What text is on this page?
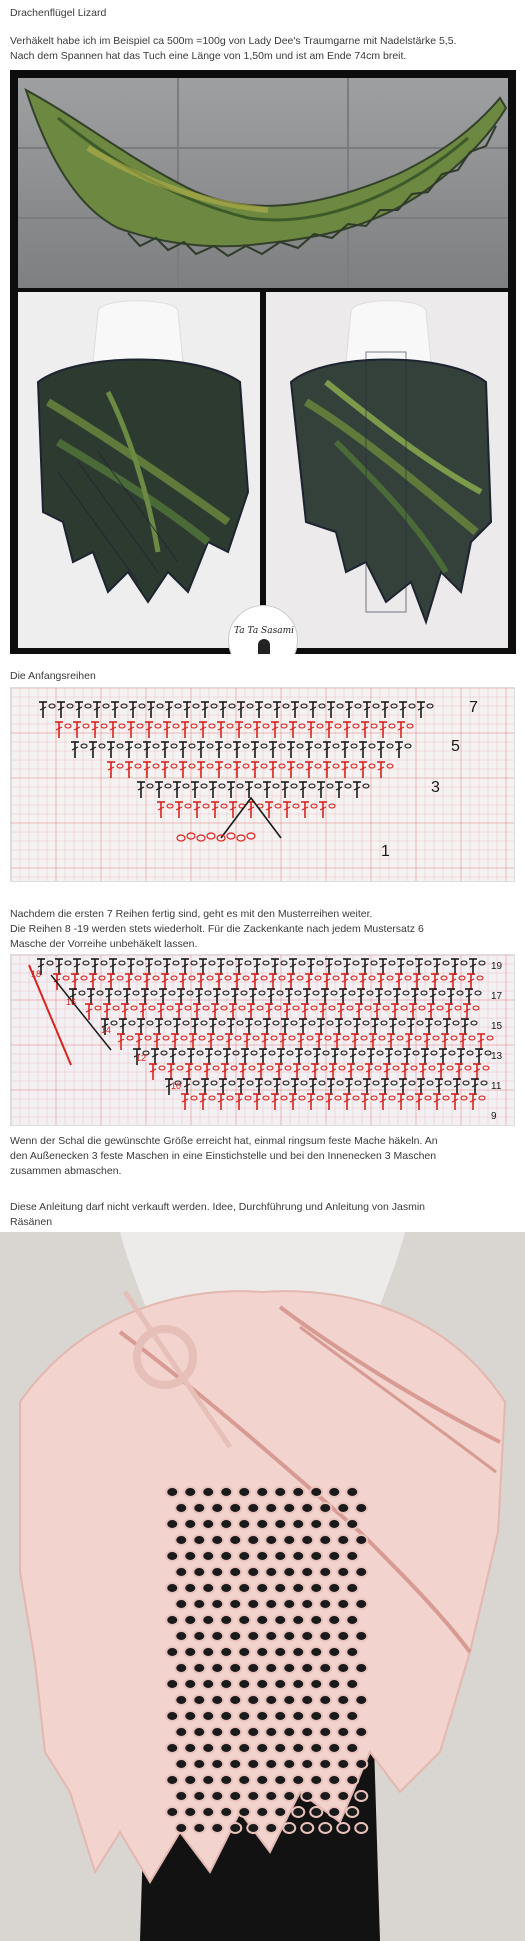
Drachenflügel Lizard
Verhäkelt habe ich im Beispiel ca 500m =100g von Lady Dee's Traumgarne mit Nadelstärke 5,5.
Nach dem Spannen hat das Tuch eine Länge von 1,50m und ist am Ende 74cm breit.
Ta Ta Sasami
Die Anfangsreihen
7
5
3
1
Nachdem die ersten 7 Reihen fertig sind, geht es mit den Musterreihen weiter.
Die Reihen 8 -19 werden stets wiederholt. Für die Zackenkante nach jedem Mustersatz 6
Masche der Vorreihe unbehäkelt lassen.
19
17
15
13
11
9
18
16
14
12
10
Wenn der Schal die gewünschte Größe erreicht hat, einmal ringsum feste Mache häkeln. An
den Außenecken 3 feste Maschen in eine Einstichstelle und bei den Innenecken 3 Maschen
zusammen abmaschen.
Diese Anleitung darf nicht verkauft werden. Idee, Durchführung und Anleitung von Jasmin
Räsänen
